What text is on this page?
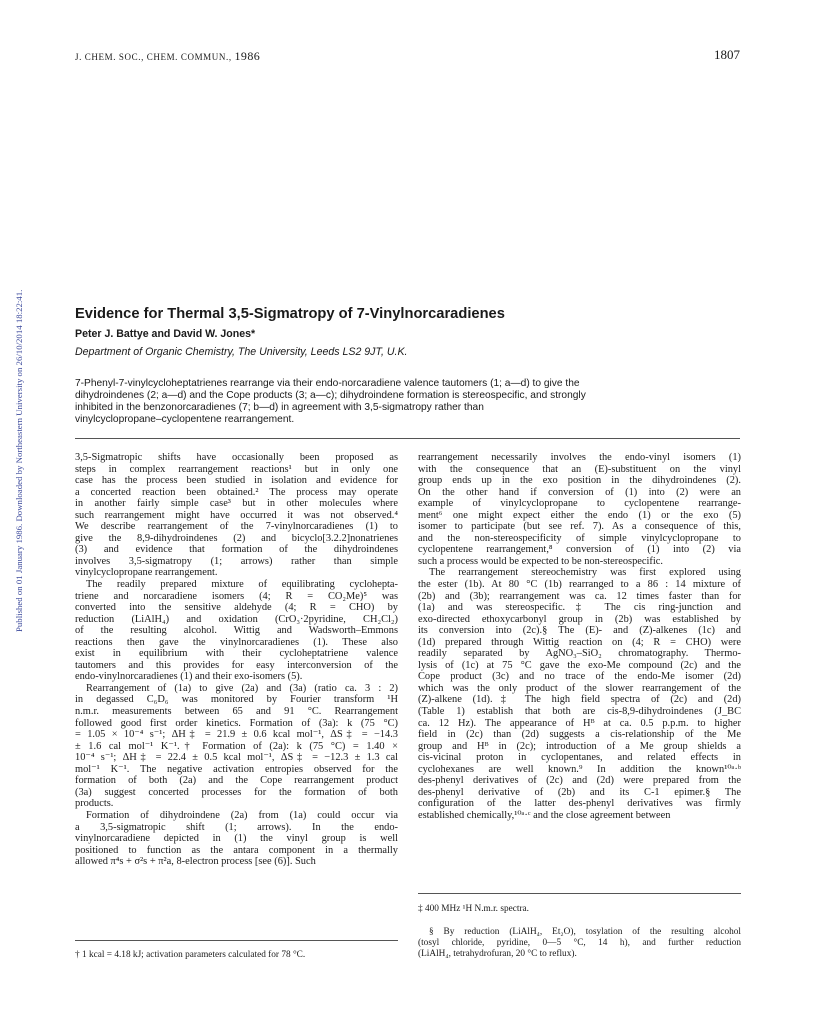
J. CHEM. SOC., CHEM. COMMUN., 1986	1807
Published on 01 January 1986. Downloaded by Northeastern University on 26/10/2014 18:22:41.	Evidence for Thermal 3,5-Sigmatropy of 7-Vinylnorcaradienes
Peter J. Battye and David W. Jones*
Department of Organic Chemistry, The University, Leeds LS2 9JT, U.K.
7-Phenyl-7-vinylcycloheptatrienes rearrange via their endo-norcaradiene valence tautomers (1; a—d) to give the
dihydroindenes (2; a—d) and the Cope products (3; a—c); dihydroindene formation is stereospecific, and strongly
inhibited in the benzonorcaradienes (7; b—d) in agreement with 3,5-sigmatropy rather than
vinylcyclopropane–cyclopentene rearrangement.
3,5-Sigmatropic shifts have occasionally been proposed as
steps in complex rearrangement reactions¹ but in only one
case has the process been studied in isolation and evidence for
a concerted reaction been obtained.² The process may operate
in another fairly simple case³ but in other molecules where
such rearrangement might have occurred it was not observed.⁴
We describe rearrangement of the 7-vinylnorcaradienes (1) to
give the 8,9-dihydroindenes (2) and bicyclo[3.2.2]nonatrienes
(3) and evidence that formation of the dihydroindenes
involves 3,5-sigmatropy (1; arrows) rather than simple
vinylcyclopropane rearrangement.
The readily prepared mixture of equilibrating cyclohepta-
triene and norcaradiene isomers (4; R = CO₂Me)⁵ was
converted into the sensitive aldehyde (4; R = CHO) by
reduction (LiAlH₄) and oxidation (CrO₃·2pyridine, CH₂Cl₂)
of the resulting alcohol. Wittig and Wadsworth–Emmons
reactions then gave the vinylnorcaradienes (1). These also
exist in equilibrium with their cycloheptatriene valence
tautomers and this provides for easy interconversion of the
endo-vinylnorcaradienes (1) and their exo-isomers (5).
Rearrangement of (1a) to give (2a) and (3a) (ratio ca. 3 : 2)
in degassed C₆D₆ was monitored by Fourier transform ¹H
n.m.r. measurements between 65 and 91 °C. Rearrangement
followed good first order kinetics. Formation of (3a): k (75 °C)
= 1.05 × 10⁻⁴ s⁻¹; ΔH‡ = 21.9 ± 0.6 kcal mol⁻¹, ΔS‡ = −14.3
± 1.6 cal mol⁻¹ K⁻¹.† Formation of (2a): k (75 °C) = 1.40 ×
10⁻⁴ s⁻¹; ΔH‡ = 22.4 ± 0.5 kcal mol⁻¹, ΔS‡ = −12.3 ± 1.3 cal
mol⁻¹ K⁻¹. The negative activation entropies observed for the
formation of both (2a) and the Cope rearrangement product
(3a) suggest concerted processes for the formation of both
products.
Formation of dihydroindene (2a) from (1a) could occur via
a 3,5-sigmatropic shift (1; arrows). In the endo-
vinylnorcaradiene depicted in (1) the vinyl group is well
positioned to function as the antara component in a thermally
allowed π⁴s + σ²s + π²a, 8-electron process [see (6)]. Such
rearrangement necessarily involves the endo-vinyl isomers (1)
with the consequence that an (E)-substituent on the vinyl
group ends up in the exo position in the dihydroindenes (2).
On the other hand if conversion of (1) into (2) were an
example of vinylcyclopropane to cyclopentene rearrange-
ment⁶ one might expect either the endo (1) or the exo (5)
isomer to participate (but see ref. 7). As a consequence of this,
and the non-stereospecificity of simple vinylcyclopropane to
cyclopentene rearrangement,⁸ conversion of (1) into (2) via
such a process would be expected to be non-stereospecific.
The rearrangement stereochemistry was first explored using
the ester (1b). At 80 °C (1b) rearranged to a 86 : 14 mixture of
(2b) and (3b); rearrangement was ca. 12 times faster than for
(1a) and was stereospecific.‡ The cis ring-junction and
exo-directed ethoxycarbonyl group in (2b) was established by
its conversion into (2c).§ The (E)- and (Z)-alkenes (1c) and
(1d) prepared through Wittig reaction on (4; R = CHO) were
readily separated by AgNO₃–SiO₂ chromatography. Thermo-
lysis of (1c) at 75 °C gave the exo-Me compound (2c) and the
Cope product (3c) and no trace of the endo-Me isomer (2d)
which was the only product of the slower rearrangement of the
(Z)-alkene (1d).‡ The high field spectra of (2c) and (2d)
(Table 1) establish that both are cis-8,9-dihydroindenes (J_BC
ca. 12 Hz). The appearance of Hᴮ at ca. 0.5 p.p.m. to higher
field in (2c) than (2d) suggests a cis-relationship of the Me
group and Hᴮ in (2c); introduction of a Me group shields a
cis-vicinal proton in cyclopentanes, and related effects in
cyclohexanes are well known.⁹ In addition the known¹⁰ᵃ·ᵇ
des-phenyl derivatives of (2c) and (2d) were prepared from the
des-phenyl derivative of (2b) and its C-1 epimer.§ The
configuration of the latter des-phenyl derivatives was firmly
established chemically,¹⁰ᵃ·ᶜ and the close agreement between
† 1 kcal = 4.18 kJ; activation parameters calculated for 78 °C.
‡ 400 MHz ¹H N.m.r. spectra.
§ By reduction (LiAlH₄, Et₂O), tosylation of the resulting alcohol
(tosyl chloride, pyridine, 0—5 °C, 14 h), and further reduction
(LiAlH₄, tetrahydrofuran, 20 °C to reflux).
